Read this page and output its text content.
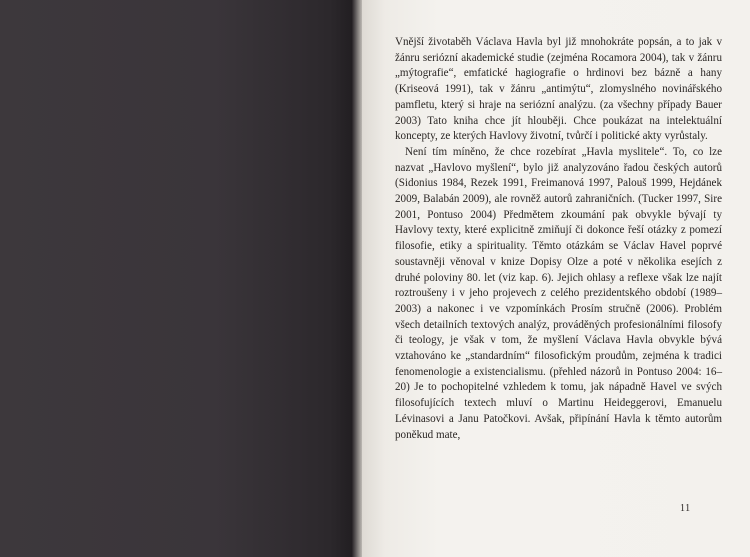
Vnější životaběh Václava Havla byl již mnohokráte popsán, a to jak v žánru seriózní akademické studie (zejména Rocamora 2004), tak v žánru „mýtografie“, emfatické hagiografie o hrdinovi bez bázně a hany (Kriseová 1991), tak v žánru „antimýtu“, zlomyslného novinářského pamfletu, který si hraje na seriózní analýzu. (za všechny případy Bauer 2003) Tato kniha chce jít hlouběji. Chce poukázat na intelektuální koncepty, ze kterých Havlovy životní, tvůrčí i politické akty vyrůstaly.

Není tím míněno, že chce rozebírat „Havla myslitele“. To, co lze nazvat „Havlovo myšlení“, bylo již analyzováno řadou českých autorů (Sidonius 1984, Rezek 1991, Freimanová 1997, Palouš 1999, Hejdánek 2009, Balabán 2009), ale rovněž autorů zahraničních. (Tucker 1997, Sire 2001, Pontuso 2004) Předmětem zkoumání pak obvykle bývají ty Havlovy texty, které explicitně zmiňují či dokonce řeší otázky z pomezí filosofie, etiky a spirituality. Těmto otázkám se Václav Havel poprvé soustavněji věnoval v knize Dopisy Olze a poté v několika esejích z druhé poloviny 80. let (viz kap. 6). Jejich ohlasy a reflexe však lze najít roztroušeny i v jeho projevech z celého prezidentského období (1989–2003) a nakonec i ve vzpomínkách Prosím stručně (2006). Problém všech detailních textových analýz, prováděných profesionálními filosofy či teology, je však v tom, že myšlení Václava Havla obvykle bývá vztahováno ke „standardním“ filosofickým proudům, zejména k tradici fenomenologie a existencialismu. (přehled názorů in Pontuso 2004: 16–20) Je to pochopitelné vzhledem k tomu, jak nápadně Havel ve svých filosofujících textech mluví o Martinu Heideggerovi, Emanuelu Lévinasovi a Janu Patočkovi. Avšak, připínání Havla k těmto autorům poněkud mate,

11
